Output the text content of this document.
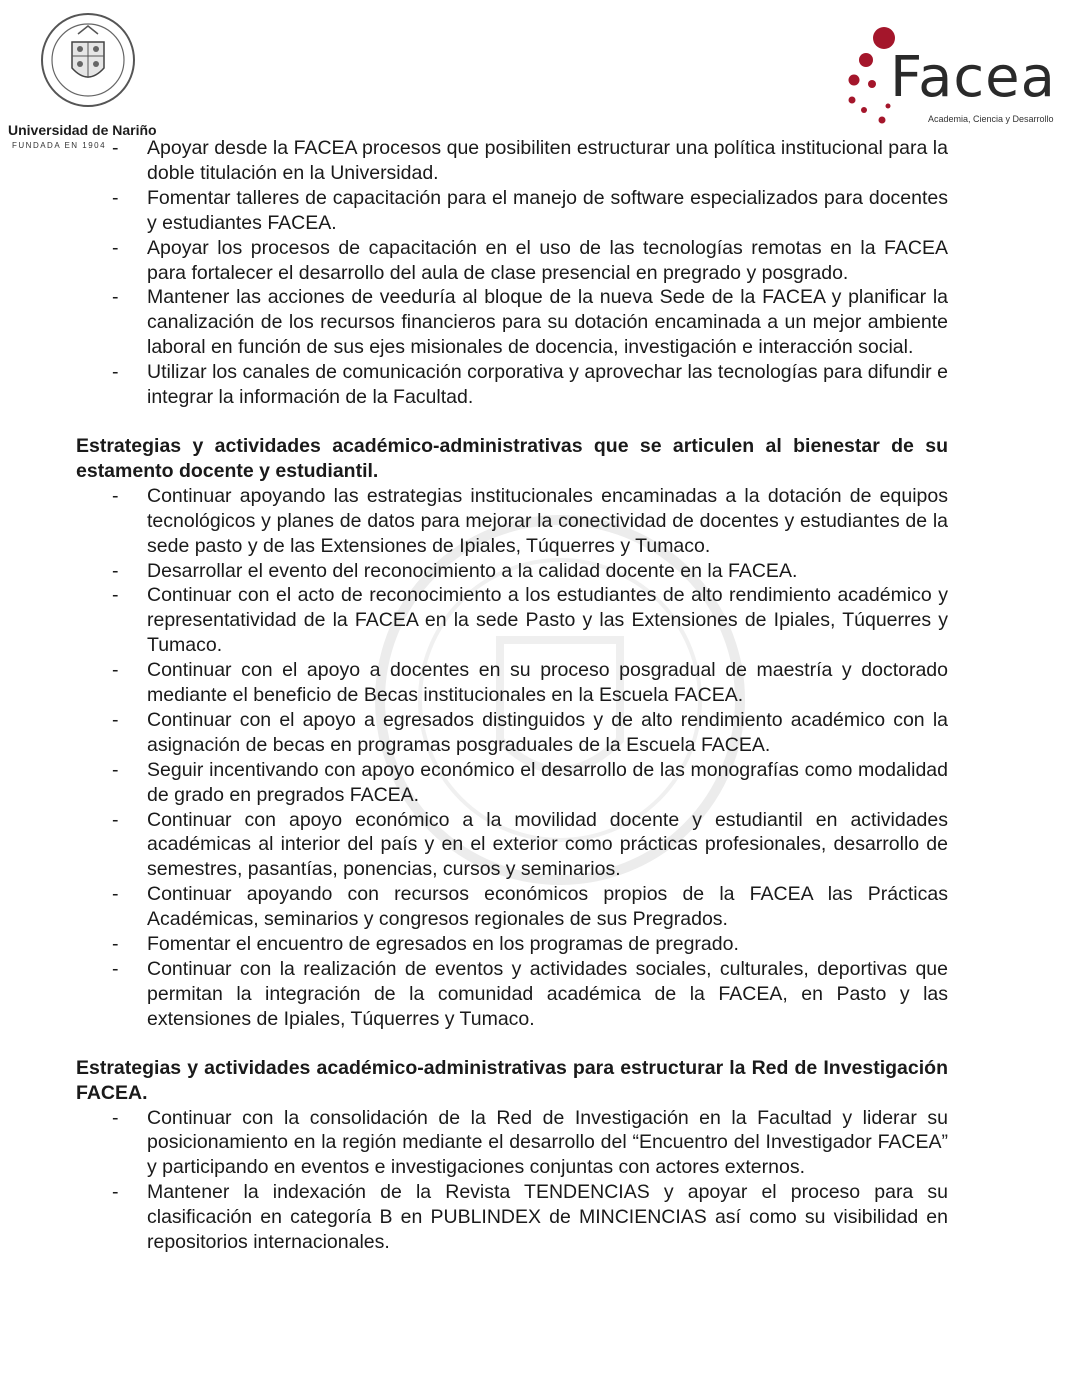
Universidad de Nariño
FUNDADA EN 1904
Facea
Academia, Ciencia y Desarrollo
- Apoyar desde la FACEA procesos que posibiliten estructurar una política institucional para la doble titulación en la Universidad.
- Fomentar talleres de capacitación para el manejo de software especializados para docentes y estudiantes FACEA.
- Apoyar los procesos de capacitación en el uso de las tecnologías remotas en la FACEA para fortalecer el desarrollo del aula de clase presencial en pregrado y posgrado.
- Mantener las acciones de veeduría al bloque de la nueva Sede de la FACEA y planificar la canalización de los recursos financieros para su dotación encaminada a un mejor ambiente laboral en función de sus ejes misionales de docencia, investigación e interacción social.
- Utilizar los canales de comunicación corporativa y aprovechar las tecnologías para difundir e integrar la información de la Facultad.
Estrategias y actividades académico-administrativas que se articulen al bienestar de su estamento docente y estudiantil.
- Continuar apoyando las estrategias institucionales encaminadas a la dotación de equipos tecnológicos y planes de datos para mejorar la conectividad de docentes y estudiantes de la sede pasto y de las Extensiones de Ipiales, Túquerres y Tumaco.
- Desarrollar el evento del reconocimiento a la calidad docente en la FACEA.
- Continuar con el acto de reconocimiento a los estudiantes de alto rendimiento académico y representatividad de la FACEA en la sede Pasto y las Extensiones de Ipiales, Túquerres y Tumaco.
- Continuar con el apoyo a docentes en su proceso posgradual de maestría y doctorado mediante el beneficio de Becas institucionales en la Escuela FACEA.
- Continuar con el apoyo a egresados distinguidos y de alto rendimiento académico con la asignación de becas en programas posgraduales de la Escuela FACEA.
- Seguir incentivando con apoyo económico el desarrollo de las monografías como modalidad de grado en pregrados FACEA.
- Continuar con apoyo económico a la movilidad docente y estudiantil en actividades académicas al interior del país y en el exterior como prácticas profesionales, desarrollo de semestres, pasantías, ponencias, cursos y seminarios.
- Continuar apoyando con recursos económicos propios de la FACEA las Prácticas Académicas, seminarios y congresos regionales de sus Pregrados.
- Fomentar el encuentro de egresados en los programas de pregrado.
- Continuar con la realización de eventos y actividades sociales, culturales, deportivas que permitan la integración de la comunidad académica de la FACEA, en Pasto y las extensiones de Ipiales, Túquerres y Tumaco.
Estrategias y actividades académico-administrativas para estructurar la Red de Investigación FACEA.
- Continuar con la consolidación de la Red de Investigación en la Facultad y liderar su posicionamiento en la región mediante el desarrollo del “Encuentro del Investigador FACEA” y participando en eventos e investigaciones conjuntas con actores externos.
- Mantener la indexación de la Revista TENDENCIAS y apoyar el proceso para su clasificación en categoría B en PUBLINDEX de MINCIENCIAS así como su visibilidad en repositorios internacionales.
